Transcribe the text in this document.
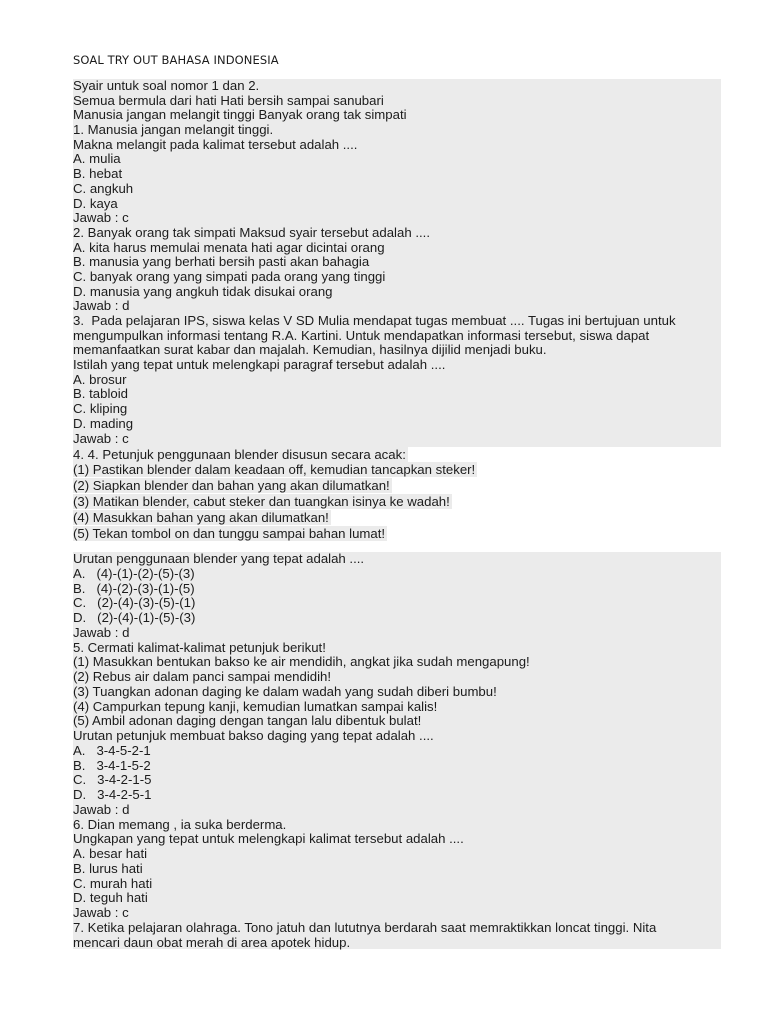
SOAL TRY OUT BAHASA INDONESIA
Syair untuk soal nomor 1 dan 2.
Semua bermula dari hati Hati bersih sampai sanubari
Manusia jangan melangit tinggi Banyak orang tak simpati
1. Manusia jangan melangit tinggi.
Makna melangit pada kalimat tersebut adalah ....
A. mulia
B. hebat
C. angkuh
D. kaya
Jawab : c
2. Banyak orang tak simpati Maksud syair tersebut adalah ....
A. kita harus memulai menata hati agar dicintai orang
B. manusia yang berhati bersih pasti akan bahagia
C. banyak orang yang simpati pada orang yang tinggi
D. manusia yang angkuh tidak disukai orang
Jawab : d
3.  Pada pelajaran IPS, siswa kelas V SD Mulia mendapat tugas membuat .... Tugas ini bertujuan untuk
mengumpulkan informasi tentang R.A. Kartini. Untuk mendapatkan informasi tersebut, siswa dapat
memanfaatkan surat kabar dan majalah. Kemudian, hasilnya dijilid menjadi buku.
Istilah yang tepat untuk melengkapi paragraf tersebut adalah ....
A. brosur
B. tabloid
C. kliping
D. mading
Jawab : c
4. 4. Petunjuk penggunaan blender disusun secara acak:
(1) Pastikan blender dalam keadaan off, kemudian tancapkan steker!
(2) Siapkan blender dan bahan yang akan dilumatkan!
(3) Matikan blender, cabut steker dan tuangkan isinya ke wadah!
(4) Masukkan bahan yang akan dilumatkan!
(5) Tekan tombol on dan tunggu sampai bahan lumat!
Urutan penggunaan blender yang tepat adalah ....
A.   (4)-(1)-(2)-(5)-(3)
B.   (4)-(2)-(3)-(1)-(5)
C.   (2)-(4)-(3)-(5)-(1)
D.   (2)-(4)-(1)-(5)-(3)
Jawab : d
5. Cermati kalimat-kalimat petunjuk berikut!
(1) Masukkan bentukan bakso ke air mendidih, angkat jika sudah mengapung!
(2) Rebus air dalam panci sampai mendidih!
(3) Tuangkan adonan daging ke dalam wadah yang sudah diberi bumbu!
(4) Campurkan tepung kanji, kemudian lumatkan sampai kalis!
(5) Ambil adonan daging dengan tangan lalu dibentuk bulat!
Urutan petunjuk membuat bakso daging yang tepat adalah ....
A.   3-4-5-2-1
B.   3-4-1-5-2
C.   3-4-2-1-5
D.   3-4-2-5-1
Jawab : d
6. Dian memang , ia suka berderma.
Ungkapan yang tepat untuk melengkapi kalimat tersebut adalah ....
A. besar hati
B. lurus hati
C. murah hati
D. teguh hati
Jawab : c
7. Ketika pelajaran olahraga. Tono jatuh dan lututnya berdarah saat memraktikkan loncat tinggi. Nita
mencari daun obat merah di area apotek hidup.
